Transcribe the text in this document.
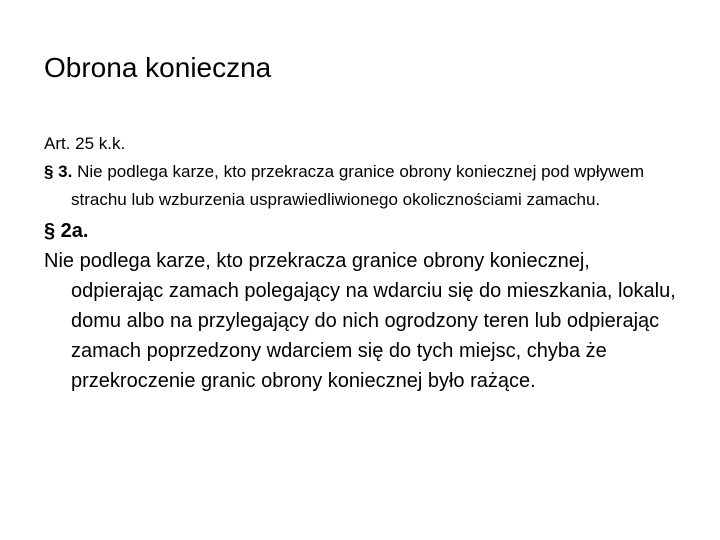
Obrona konieczna

Art. 25 k.k.

§ 3. Nie podlega karze, kto przekracza granice obrony koniecznej pod wpływem strachu lub wzburzenia usprawiedliwionego okolicznościami zamachu.

§ 2a.

Nie podlega karze, kto przekracza granice obrony koniecznej, odpierając zamach polegający na wdarciu się do mieszkania, lokalu, domu albo na przylegający do nich ogrodzony teren lub odpierając zamach poprzedzony wdarciem się do tych miejsc, chyba że przekroczenie granic obrony koniecznej było rażące.
